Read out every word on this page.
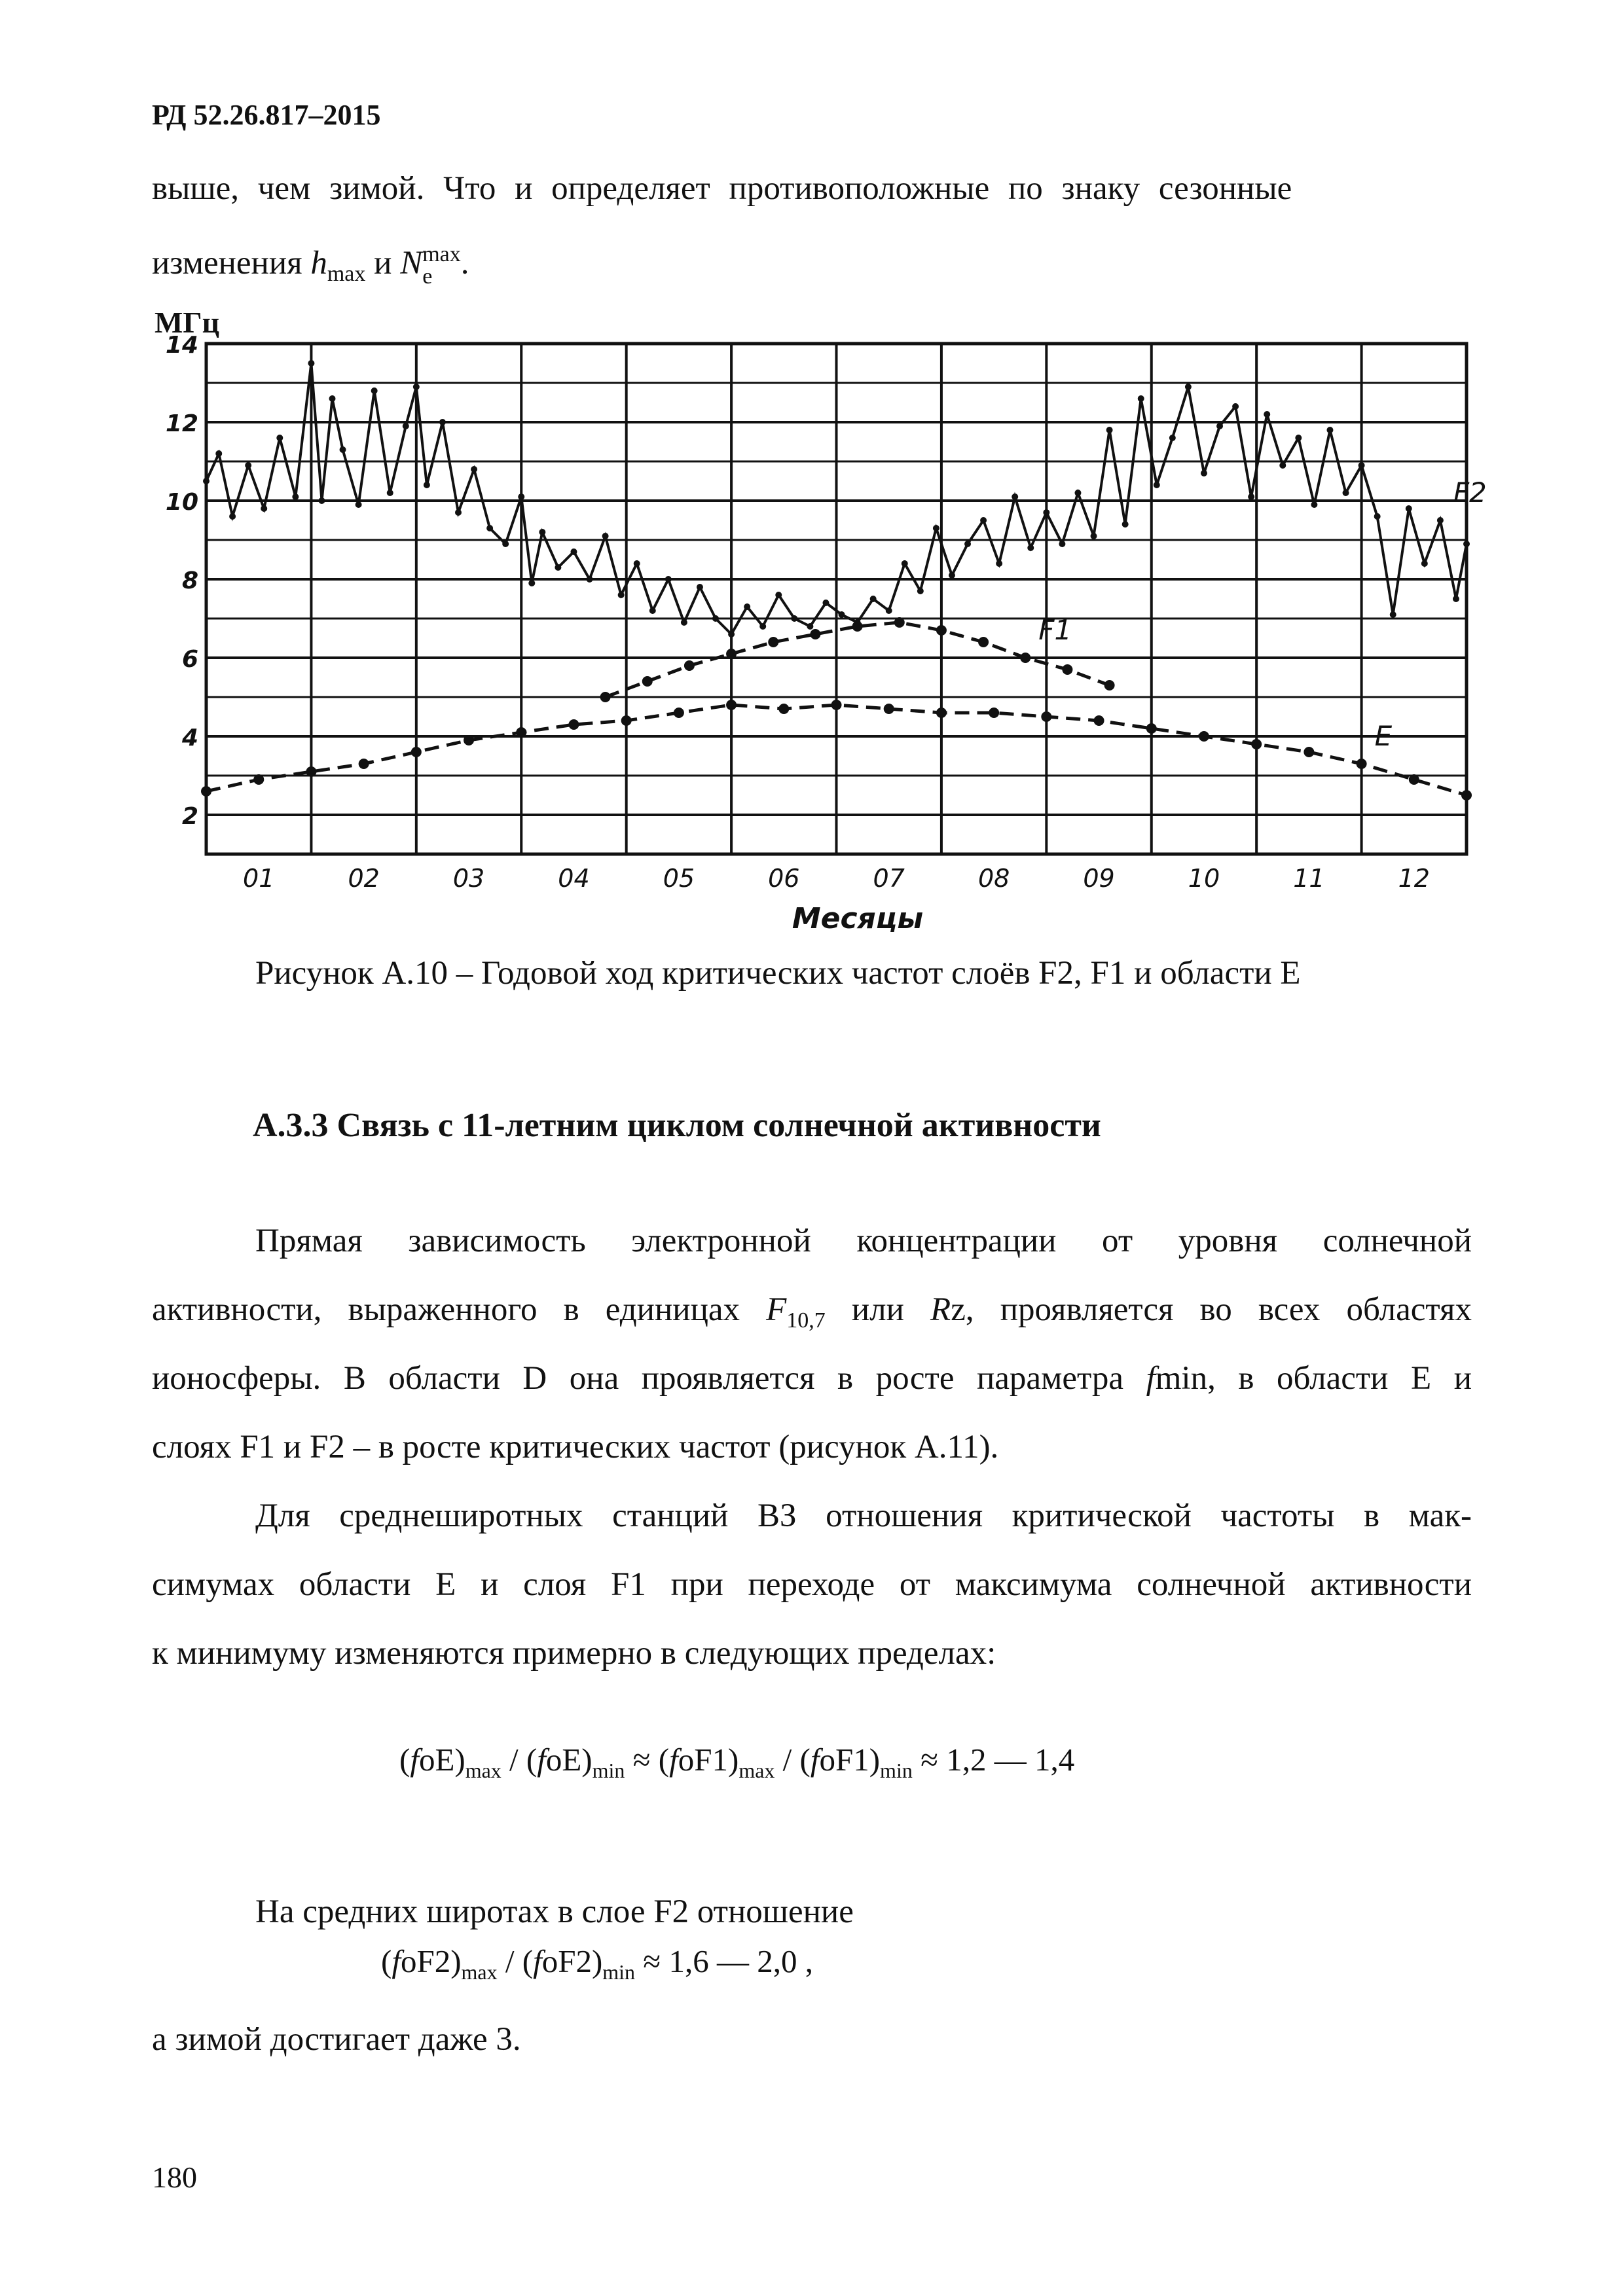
РД 52.26.817–2015
выше, чем зимой. Что и определяет противоположные по знаку сезонные
изменения $h_{max}$ и N max
e .
МГц
F2
F1
E
2
4
6
8
10
12
14
01	02	03	04	05	06	07	08	09	10	11	12
Месяцы
Рисунок А.10 – Годовой ход критических частот слоёв F2, F1 и области E
А.3.3 Связь с 11-летним циклом солнечной активности
Прямая зависимость электронной концентрации от уровня солнечной
активности, выраженного в единицах $F_{10,7}$ или Rz, проявляется во всех областях
ионосферы. В области D она проявляется в росте параметра fmin, в области E и
слоях F1 и F2 – в росте критических частот (рисунок А.11).
Для среднеширотных станций ВЗ отношения критической частоты в мак-
симумах области E и слоя F1 при переходе от максимума солнечной активности
к минимуму изменяются примерно в следующих пределах:
$(foE)_{max} / (foE)_{min} \approx (foF1)_{max} / (foF1)_{min} \approx 1,2$ — 1,4
На средних широтах в слое F2 отношение
$(foF2)_{max} / (foF2)_{min} \approx 1,6$ — 2,0 ,
а зимой достигает даже 3.
180
